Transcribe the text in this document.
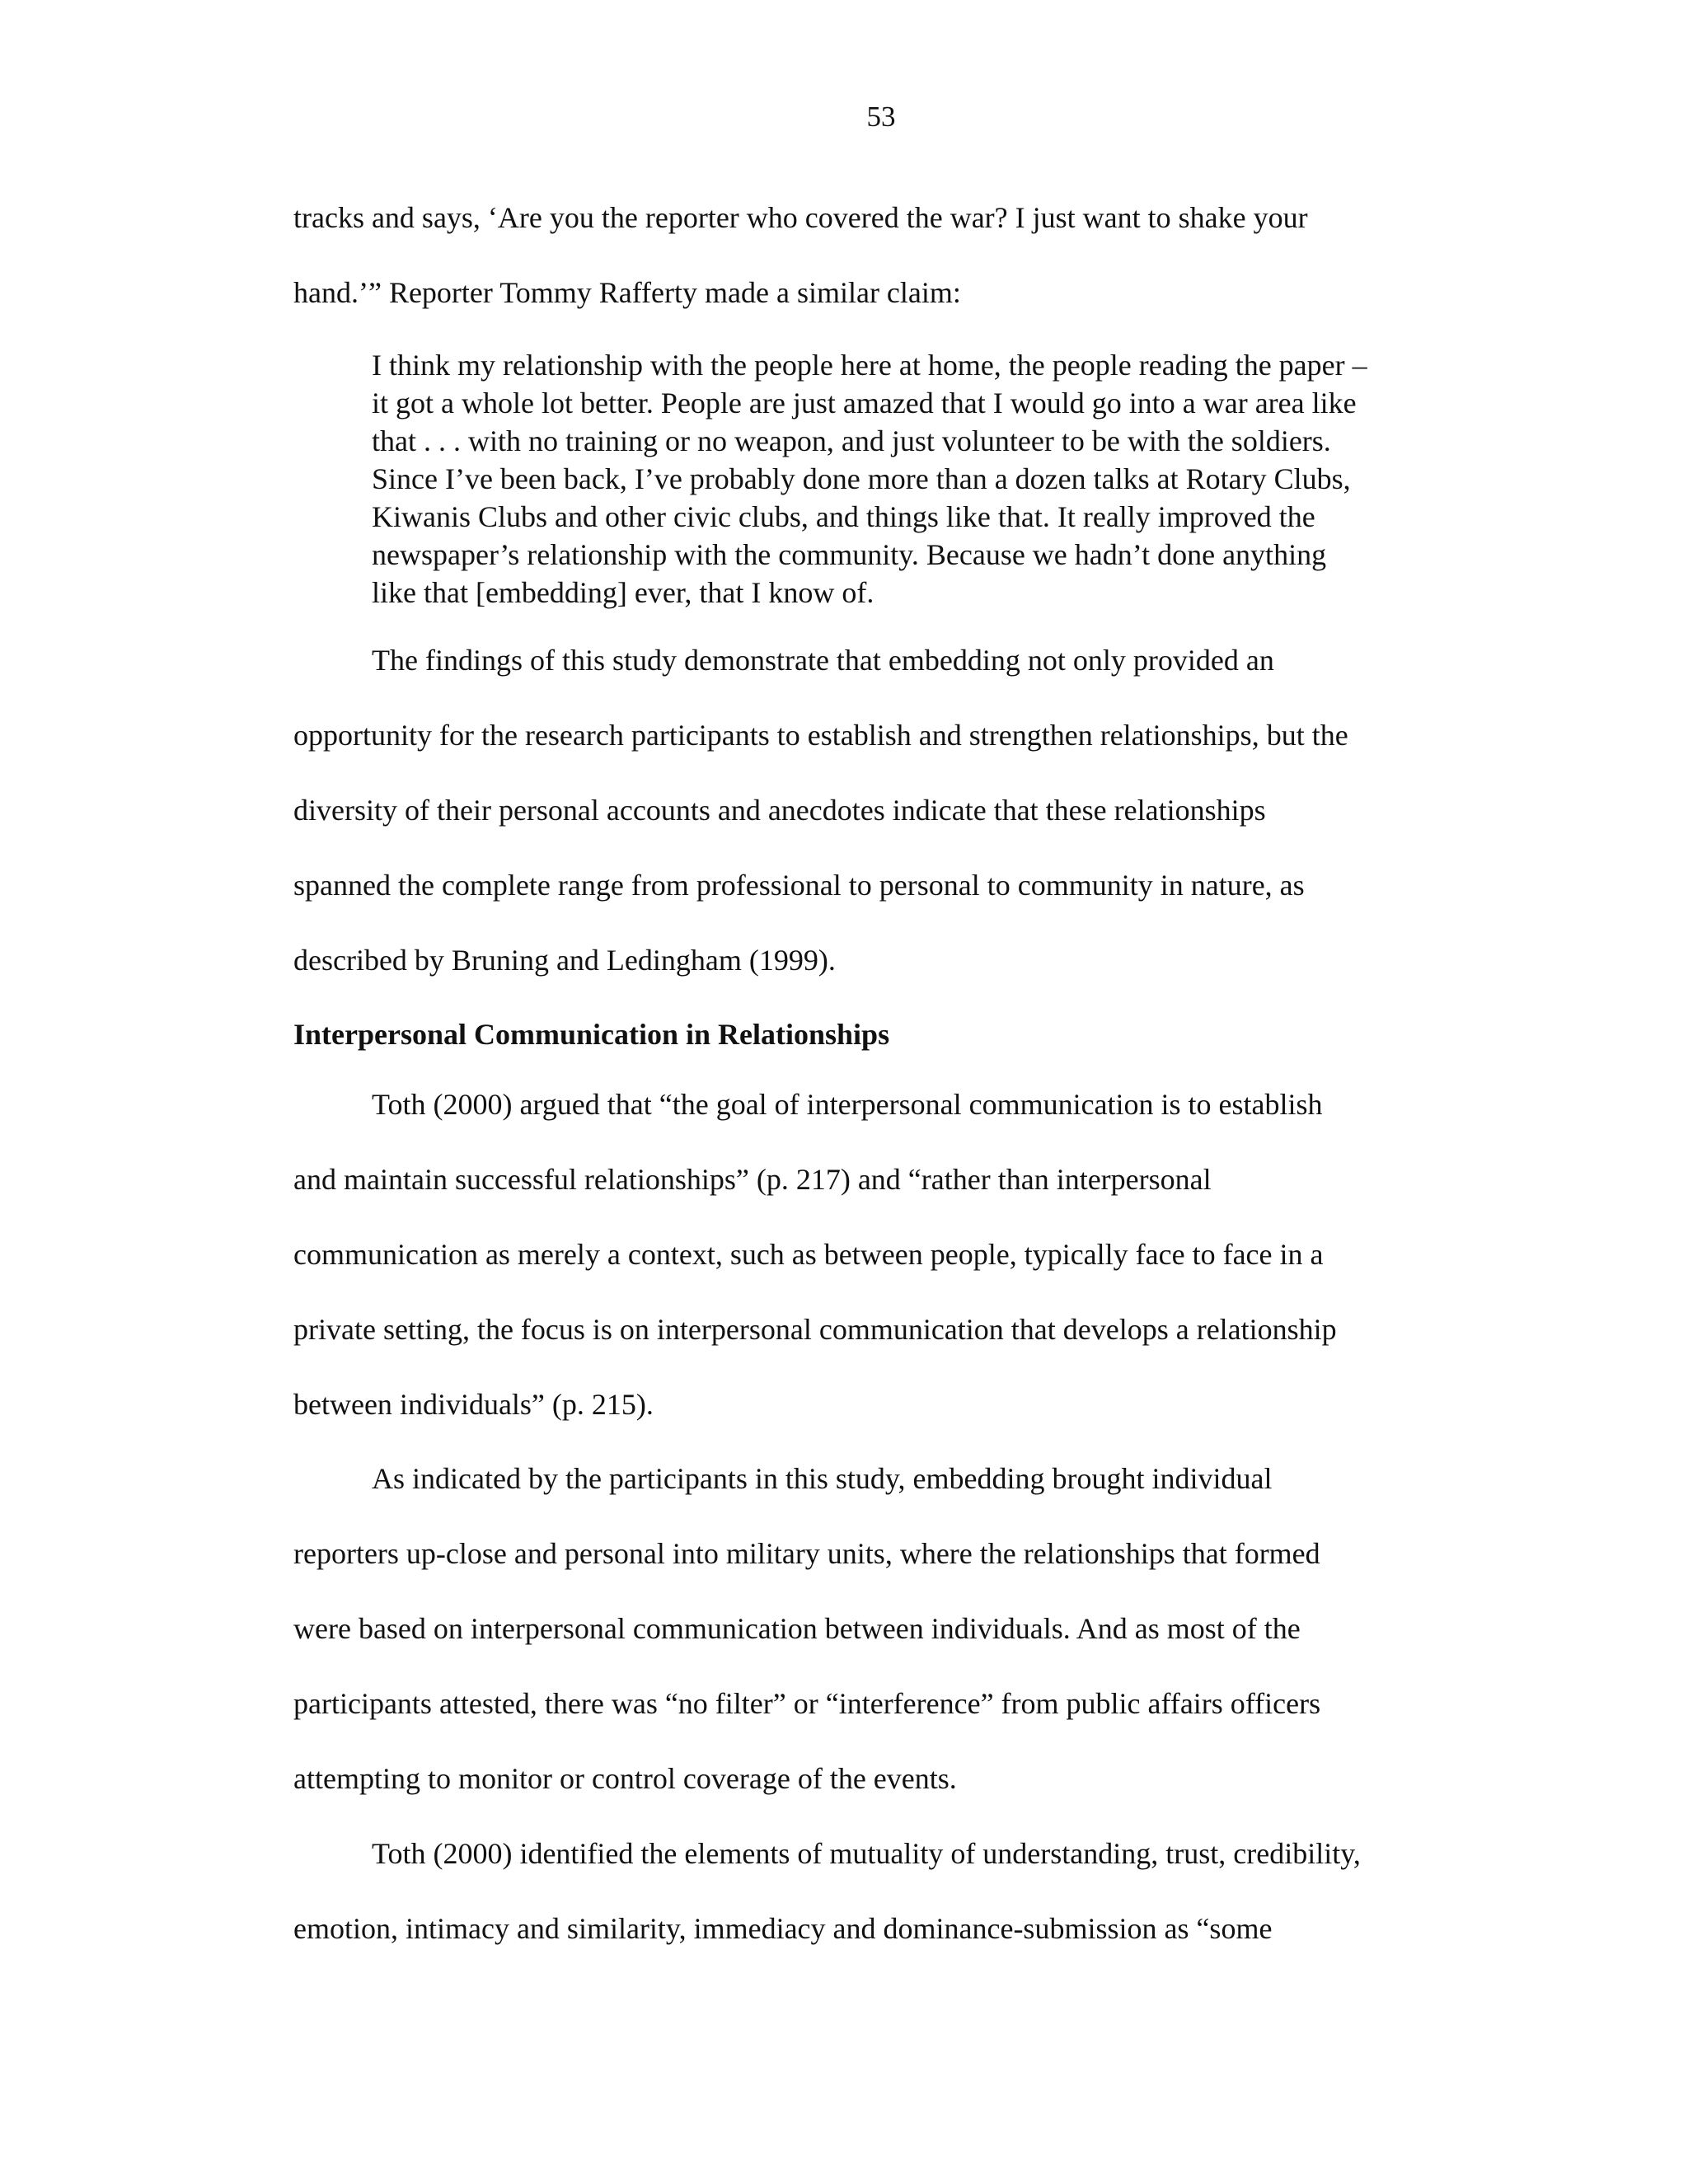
53

tracks and says, ‘Are you the reporter who covered the war? I just want to shake your

hand.’” Reporter Tommy Rafferty made a similar claim:

I think my relationship with the people here at home, the people reading the paper –

it got a whole lot better. People are just amazed that I would go into a war area like

that . . . with no training or no weapon, and just volunteer to be with the soldiers.

Since I’ve been back, I’ve probably done more than a dozen talks at Rotary Clubs,

Kiwanis Clubs and other civic clubs, and things like that. It really improved the

newspaper’s relationship with the community. Because we hadn’t done anything

like that [embedding] ever, that I know of.

The findings of this study demonstrate that embedding not only provided an

opportunity for the research participants to establish and strengthen relationships, but the

diversity of their personal accounts and anecdotes indicate that these relationships

spanned the complete range from professional to personal to community in nature, as

described by Bruning and Ledingham (1999).

Interpersonal Communication in Relationships

Toth (2000) argued that “the goal of interpersonal communication is to establish

and maintain successful relationships” (p. 217) and “rather than interpersonal

communication as merely a context, such as between people, typically face to face in a

private setting, the focus is on interpersonal communication that develops a relationship

between individuals” (p. 215).

As indicated by the participants in this study, embedding brought individual

reporters up-close and personal into military units, where the relationships that formed

were based on interpersonal communication between individuals. And as most of the

participants attested, there was “no filter” or “interference” from public affairs officers

attempting to monitor or control coverage of the events.

Toth (2000) identified the elements of mutuality of understanding, trust, credibility,

emotion, intimacy and similarity, immediacy and dominance-submission as “some
